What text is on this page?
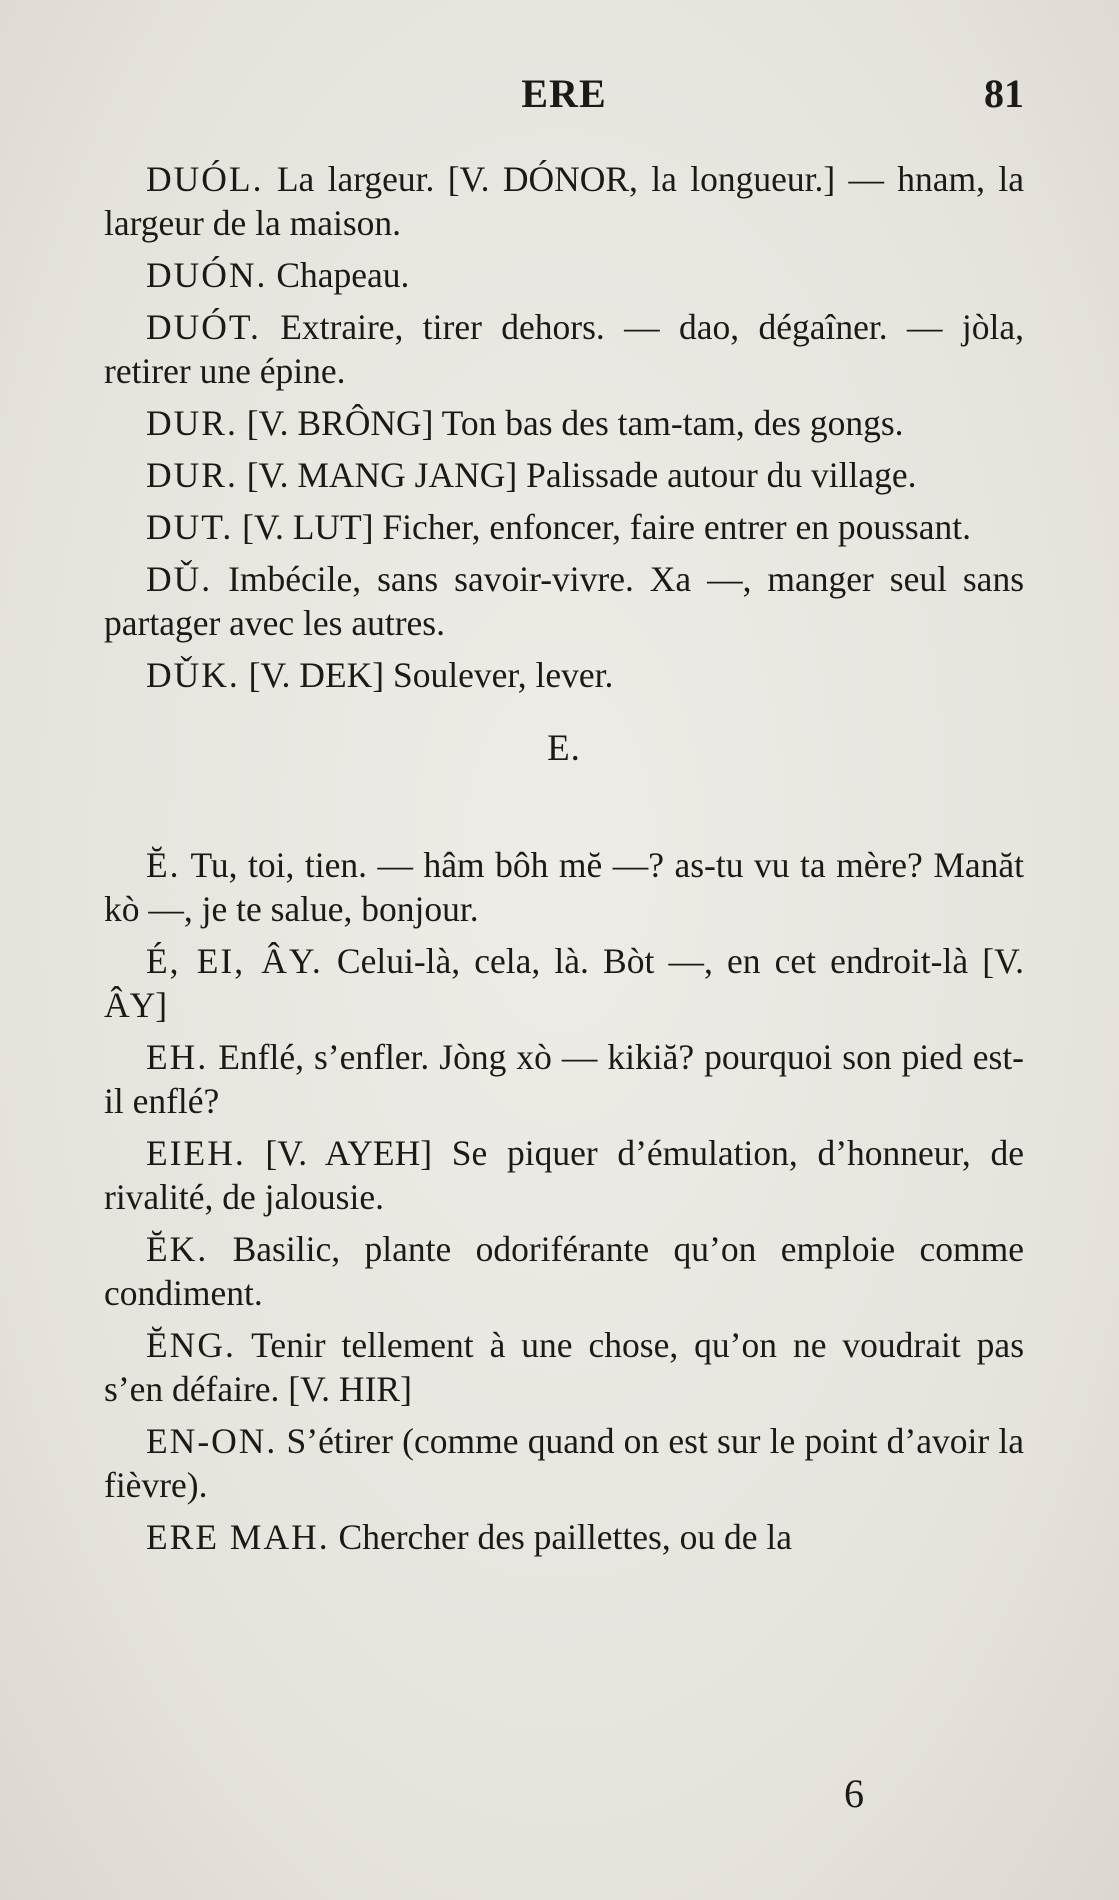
ERE	81

DUÓL. La largeur. [V. DÓNOR, la longueur.] — hnam, la largeur de la maison.

DUÓN. Chapeau.

DUÓT. Extraire, tirer dehors. — dao, dégaîner. — jòla, retirer une épine.

DUR. [V. BRÔNG] Ton bas des tam-tam, des gongs.

DUR. [V. MANG JANG] Palissade autour du village.

DUT. [V. LUT] Ficher, enfoncer, faire entrer en poussant.

DǓ. Imbécile, sans savoir-vivre. Xa —, manger seul sans partager avec les autres.

DǓK. [V. DEK] Soulever, lever.

E.

Ĕ. Tu, toi, tien. — hâm bôh mĕ —? as-tu vu ta mère? Manăt kò —, je te salue, bonjour.

É, EI, ÂY. Celui-là, cela, là. Bòt —, en cet endroit-là [V. ÂY]

EH. Enflé, s’enfler. Jòng xò — kikiă? pourquoi son pied est-il enflé?

EIEH. [V. AYEH] Se piquer d’émulation, d’honneur, de rivalité, de jalousie.

ĔK. Basilic, plante odoriférante qu’on emploie comme condiment.

ĔNG. Tenir tellement à une chose, qu’on ne voudrait pas s’en défaire. [V. HIR]

EN-ON. S’étirer (comme quand on est sur le point d’avoir la fièvre).

ERE MAH. Chercher des paillettes, ou de la

6
